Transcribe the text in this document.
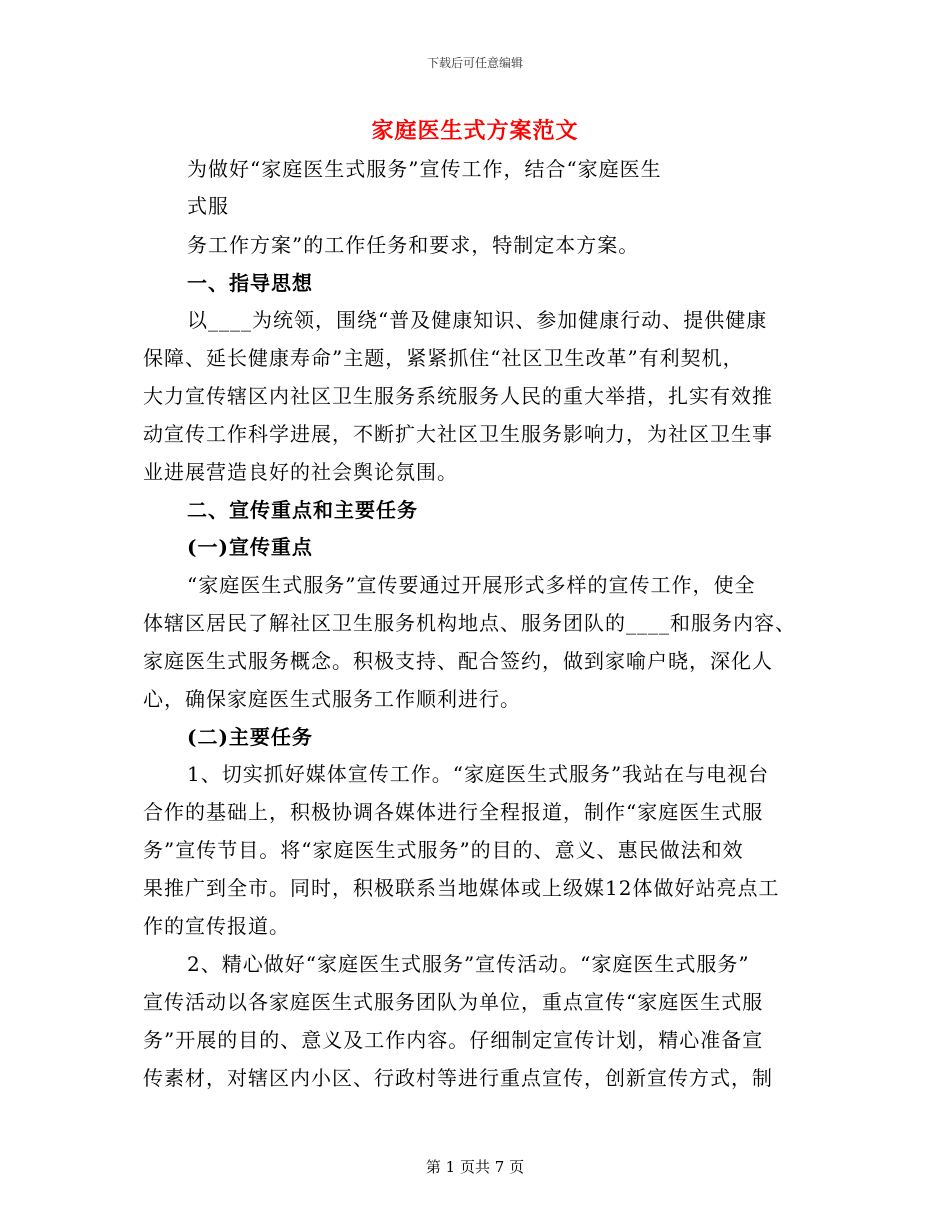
下载后可任意编辑
家庭医生式方案范文
为做好“家庭医生式服务”宣传工作，结合“家庭医生
式服
务工作方案”的工作任务和要求，特制定本方案。
一、指导思想
以____为统领，围绕“普及健康知识、参加健康行动、提供健康
保障、延长健康寿命”主题，紧紧抓住“社区卫生改革”有利契机，
大力宣传辖区内社区卫生服务系统服务人民的重大举措，扎实有效推
动宣传工作科学进展，不断扩大社区卫生服务影响力，为社区卫生事
业进展营造良好的社会舆论氛围。
二、宣传重点和主要任务
(一)宣传重点
“家庭医生式服务”宣传要通过开展形式多样的宣传工作，使全
体辖区居民了解社区卫生服务机构地点、服务团队的____和服务内容、
家庭医生式服务概念。积极支持、配合签约，做到家喻户晓，深化人
心，确保家庭医生式服务工作顺利进行。
(二)主要任务
1、切实抓好媒体宣传工作。“家庭医生式服务”我站在与电视台
合作的基础上，积极协调各媒体进行全程报道，制作“家庭医生式服
务”宣传节目。将“家庭医生式服务”的目的、意义、惠民做法和效
果推广到全市。同时，积极联系当地媒体或上级媒12体做好站亮点工
作的宣传报道。
2、精心做好“家庭医生式服务”宣传活动。“家庭医生式服务”
宣传活动以各家庭医生式服务团队为单位，重点宣传“家庭医生式服
务”开展的目的、意义及工作内容。仔细制定宣传计划，精心准备宣
传素材，对辖区内小区、行政村等进行重点宣传，创新宣传方式，制
第 1 页共 7 页
